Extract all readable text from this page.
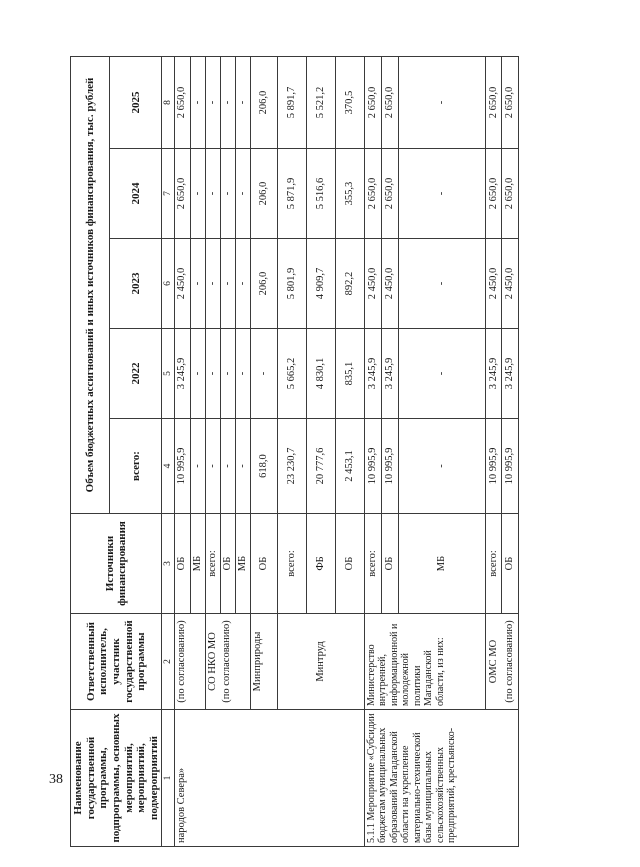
38 Наименование государственной программы, подпрограммы, основных мероприятий, мероприятий, подмероприятий	Ответственный исполнитель, участник государственной программы	Источники финансирования	Объем бюджетных ассигнований и иных источников финансирования, тыс. рублей				
			всего:	2022	2023	2024	2025
1	2	3	4	5	6	7	8
народов Севера»	(по согласованию)	ОБ	10 995,9	3 245,9	2 450,0	2 650,0	2 650,0
		МБ	-	-	-	-	-
	СО НКО МО	всего:	-	-	-	-	-
	(по согласованию)	ОБ	-	-	-	-	-
		МБ	-	-	-	-	-
	Минприроды	ОБ	618,0	-	206,0	206,0	206,0
	Минтруд	всего:	23 230,7	5 665,2	5 801,9	5 871,9	5 891,7
		ФБ	20 777,6	4 830,1	4 909,7	5 516,6	5 521,2
		ОБ	2 453,1	835,1	892,2	355,3	370,5
5.1.1 Мероприятие «Субсидии бюджетам муниципальных образований Магаданской области на укрепление материально-технической базы муниципальных сельскохозяйственных предприятий, крестьянско-	Министерство внутренней, информационной и молодежной политики Магаданской области, из них:	всего:	10 995,9	3 245,9	2 450,0	2 650,0	2 650,0
		ОБ	10 995,9	3 245,9	2 450,0	2 650,0	2 650,0
		МБ	-	-	-	-	-
	ОМС МО	всего:	10 995,9	3 245,9	2 450,0	2 650,0	2 650,0
	(по согласованию)	ОБ	10 995,9	3 245,9	2 450,0	2 650,0	2 650,0
